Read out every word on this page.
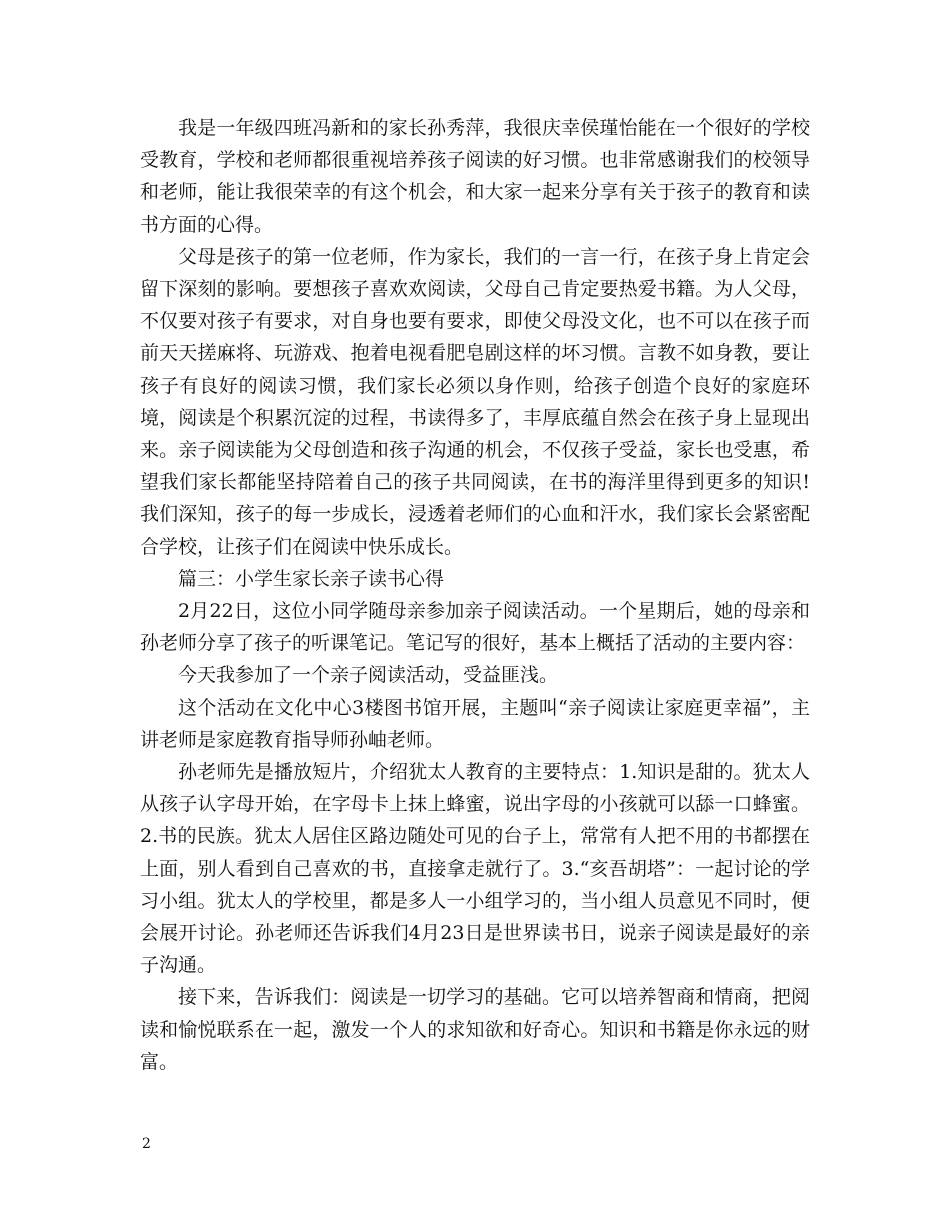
我是一年级四班冯新和的家长孙秀萍，我很庆幸侯瑾怡能在一个很好的学校受教育，学校和老师都很重视培养孩子阅读的好习惯。也非常感谢我们的校领导和老师，能让我很荣幸的有这个机会，和大家一起来分享有关于孩子的教育和读书方面的心得。

父母是孩子的第一位老师，作为家长，我们的一言一行，在孩子身上肯定会留下深刻的影响。要想孩子喜欢欢阅读，父母自己肯定要热爱书籍。为人父母，不仅要对孩子有要求，对自身也要有要求，即使父母没文化，也不可以在孩子而前天天搓麻将、玩游戏、抱着电视看肥皂剧这样的坏习惯。言教不如身教，要让孩子有良好的阅读习惯，我们家长必须以身作则，给孩子创造个良好的家庭环境，阅读是个积累沉淀的过程，书读得多了，丰厚底蕴自然会在孩子身上显现出来。亲子阅读能为父母创造和孩子沟通的机会，不仅孩子受益，家长也受惠，希望我们家长都能坚持陪着自己的孩子共同阅读，在书的海洋里得到更多的知识!我们深知，孩子的每一步成长，浸透着老师们的心血和汗水，我们家长会紧密配合学校，让孩子们在阅读中快乐成长。

篇三：小学生家长亲子读书心得

2月22日，这位小同学随母亲参加亲子阅读活动。一个星期后，她的母亲和孙老师分享了孩子的听课笔记。笔记写的很好，基本上概括了活动的主要内容：

今天我参加了一个亲子阅读活动，受益匪浅。

这个活动在文化中心3楼图书馆开展，主题叫“亲子阅读让家庭更幸福”，主讲老师是家庭教育指导师孙岫老师。

孙老师先是播放短片，介绍犹太人教育的主要特点：1.知识是甜的。犹太人从孩子认字母开始，在字母卡上抹上蜂蜜，说出字母的小孩就可以舔一口蜂蜜。2.书的民族。犹太人居住区路边随处可见的台子上，常常有人把不用的书都摆在上面，别人看到自己喜欢的书，直接拿走就行了。3.“亥吾胡塔”：一起讨论的学习小组。犹太人的学校里，都是多人一小组学习的，当小组人员意见不同时，便会展开讨论。孙老师还告诉我们4月23日是世界读书日，说亲子阅读是最好的亲子沟通。

接下来，告诉我们：阅读是一切学习的基础。它可以培养智商和情商，把阅读和愉悦联系在一起，激发一个人的求知欲和好奇心。知识和书籍是你永远的财富。

2
